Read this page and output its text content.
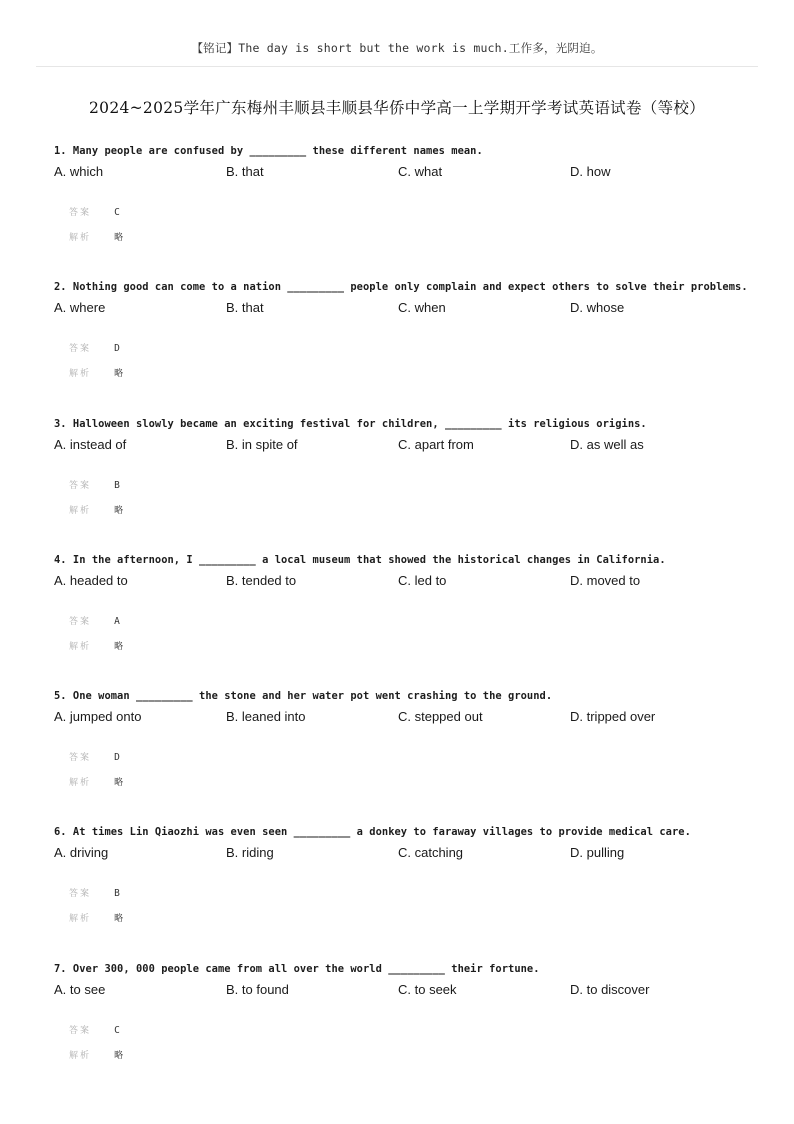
【铭记】The day is short but the work is much.工作多，光阴迫。
2024~2025学年广东梅州丰顺县丰顺县华侨中学高一上学期开学考试英语试卷（等校）
1. Many people are confused by _________ these different names mean.
A. which	B. that	C. what	D. how
答案 C
解析	略
2. Nothing good can come to a nation _________ people only complain and expect others to solve their problems.
A. where	B. that	C. when	D. whose
答案 D
解析	略
3. Halloween slowly became an exciting festival for children, _________ its religious origins.
A. instead of	B. in spite of	C. apart from	D. as well as
答案 B
解析	略
4. In the afternoon, I _________ a local museum that showed the historical changes in California.
A. headed to	B. tended to	C. led to	D. moved to
答案 A
解析	略
5. One woman _________ the stone and her water pot went crashing to the ground.
A. jumped onto	B. leaned into	C. stepped out	D. tripped over
答案 D
解析	略
6. At times Lin Qiaozhi was even seen _________ a donkey to faraway villages to provide medical care.
A. driving	B. riding	C. catching	D. pulling
答案 B
解析	略
7. Over 300, 000 people came from all over the world _________ their fortune.
A. to see	B. to found	C. to seek	D. to discover
答案 C
解析	略
